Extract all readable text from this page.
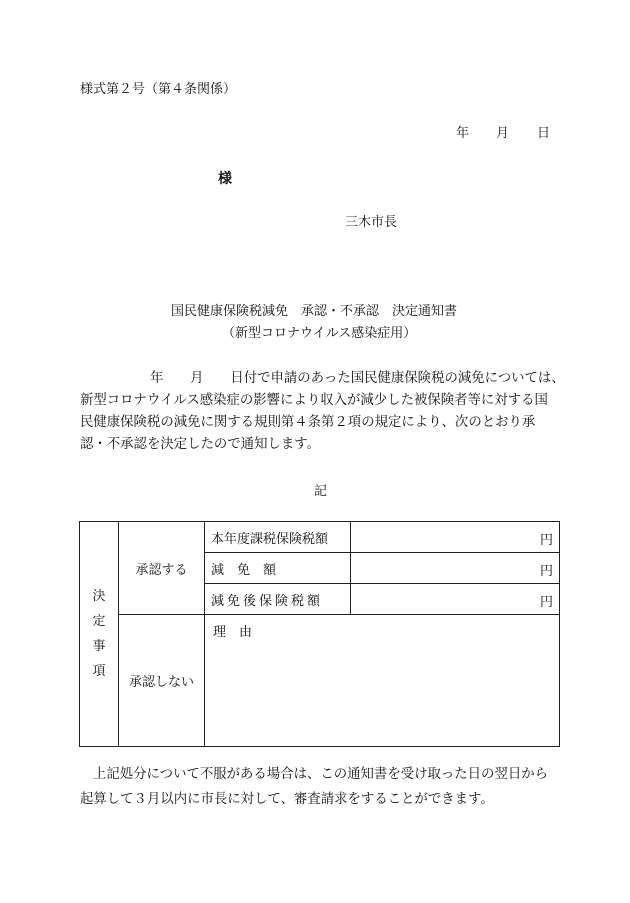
様式第２号（第４条関係）
年 月 日
様
三木市長
国民健康保険税減免　承認・不承認　決定通知書
（新型コロナウイルス感染症用）
年　　月　　日付で申請のあった国民健康保険税の減免については、
新型コロナウイルス感染症の影響により収入が減少した被保険者等に対する国
民健康保険税の減免に関する規則第４条第２項の規定により、次のとおり承
認・不承認を決定したので通知します。
記
決定事項	承認する	本年度課税保険税額	円
		減　免　額	円
		減免後保険税額	円
	承認しない	理　由	
上記処分について不服がある場合は、この通知書を受け取った日の翌日から
起算して３月以内に市長に対して、審査請求をすることができます。
